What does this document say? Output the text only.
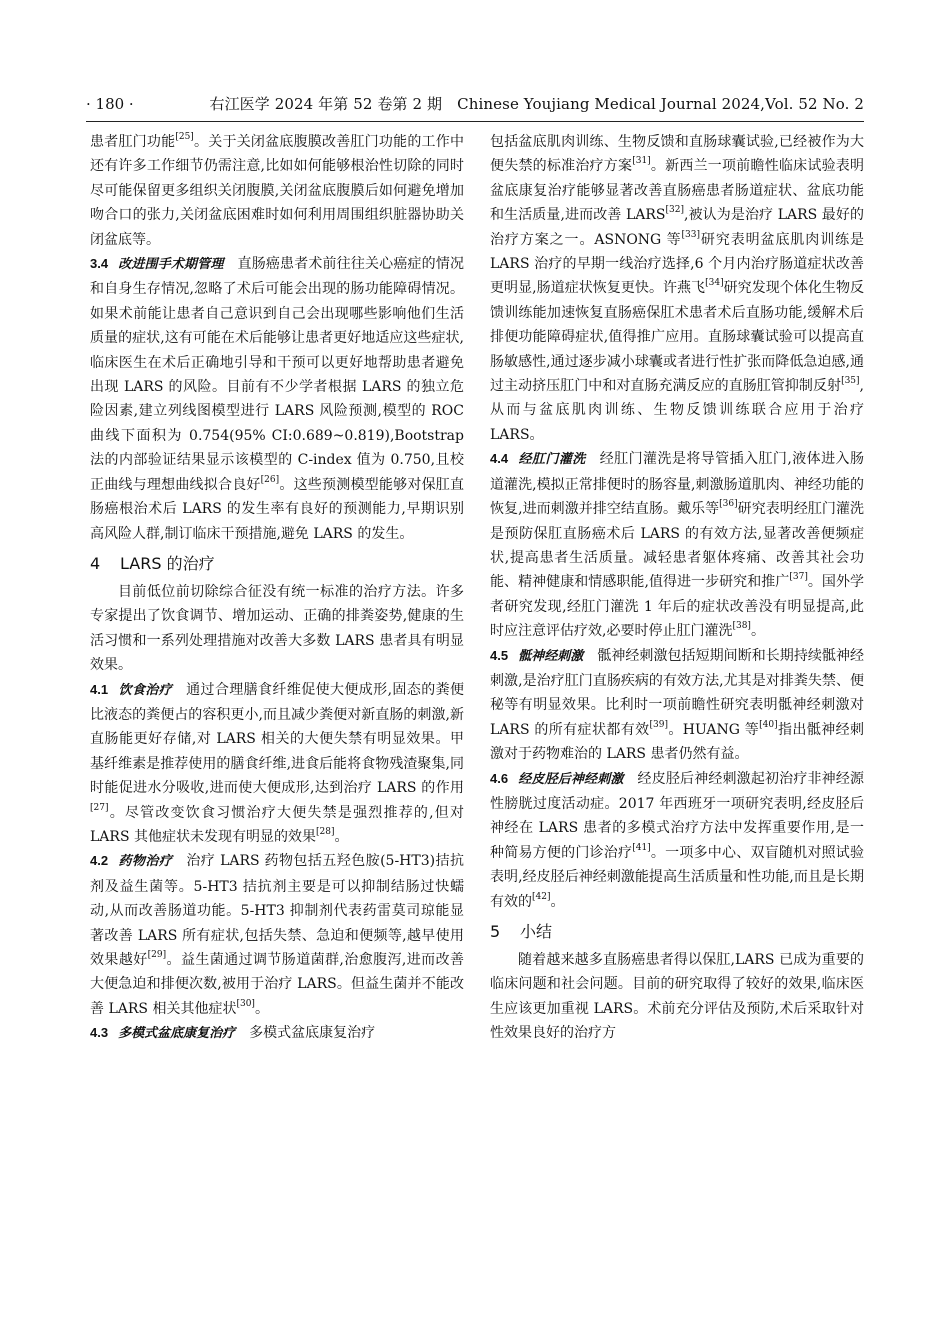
· 180 ·	右江医学 2024 年第 52 卷第 2 期　Chinese Youjiang Medical Journal 2024,Vol. 52 No. 2

患者肛门功能[25]。关于关闭盆底腹膜改善肛门功能的工作中还有许多工作细节仍需注意,比如如何能够根治性切除的同时尽可能保留更多组织关闭腹膜,关闭盆底腹膜后如何避免增加吻合口的张力,关闭盆底困难时如何利用周围组织脏器协助关闭盆底等。

3.4 改进围手术期管理 直肠癌患者术前往往关心癌症的情况和自身生存情况,忽略了术后可能会出现的肠功能障碍情况。如果术前能让患者自己意识到自己会出现哪些影响他们生活质量的症状,这有可能在术后能够让患者更好地适应这些症状,临床医生在术后正确地引导和干预可以更好地帮助患者避免出现 LARS 的风险。目前有不少学者根据 LARS 的独立危险因素,建立列线图模型进行 LARS 风险预测,模型的 ROC 曲线下面积为 0.754(95% CI:0.689~0.819),Bootstrap 法的内部验证结果显示该模型的 C-index 值为 0.750,且校正曲线与理想曲线拟合良好[26]。这些预测模型能够对保肛直肠癌根治术后 LARS 的发生率有良好的预测能力,早期识别高风险人群,制订临床干预措施,避免 LARS 的发生。

4 LARS 的治疗

目前低位前切除综合征没有统一标准的治疗方法。许多专家提出了饮食调节、增加运动、正确的排粪姿势,健康的生活习惯和一系列处理措施对改善大多数 LARS 患者具有明显效果。

4.1 饮食治疗 通过合理膳食纤维促使大便成形,固态的粪便比液态的粪便占的容积更小,而且减少粪便对新直肠的刺激,新直肠能更好存储,对 LARS 相关的大便失禁有明显效果。甲基纤维素是推荐使用的膳食纤维,进食后能将食物残渣聚集,同时能促进水分吸收,进而使大便成形,达到治疗 LARS 的作用[27]。尽管改变饮食习惯治疗大便失禁是强烈推荐的,但对 LARS 其他症状未发现有明显的效果[28]。

4.2 药物治疗 治疗 LARS 药物包括五羟色胺(5-HT3)拮抗剂及益生菌等。5-HT3 拮抗剂主要是可以抑制结肠过快蠕动,从而改善肠道功能。5-HT3 抑制剂代表药雷莫司琼能显著改善 LARS 所有症状,包括失禁、急迫和便频等,越早使用效果越好[29]。益生菌通过调节肠道菌群,治愈腹泻,进而改善大便急迫和排便次数,被用于治疗 LARS。但益生菌并不能改善 LARS 相关其他症状[30]。

4.3 多模式盆底康复治疗 多模式盆底康复治疗

包括盆底肌肉训练、生物反馈和直肠球囊试验,已经被作为大便失禁的标准治疗方案[31]。新西兰一项前瞻性临床试验表明盆底康复治疗能够显著改善直肠癌患者肠道症状、盆底功能和生活质量,进而改善 LARS[32],被认为是治疗 LARS 最好的治疗方案之一。ASNONG 等[33]研究表明盆底肌肉训练是 LARS 治疗的早期一线治疗选择,6 个月内治疗肠道症状改善更明显,肠道症状恢复更快。许燕飞[34]研究发现个体化生物反馈训练能加速恢复直肠癌保肛术患者术后直肠功能,缓解术后排便功能障碍症状,值得推广应用。直肠球囊试验可以提高直肠敏感性,通过逐步减小球囊或者进行性扩张而降低急迫感,通过主动挤压肛门中和对直肠充满反应的直肠肛管抑制反射[35],从而与盆底肌肉训练、生物反馈训练联合应用于治疗 LARS。

4.4 经肛门灌洗 经肛门灌洗是将导管插入肛门,液体进入肠道灌洗,模拟正常排便时的肠容量,刺激肠道肌肉、神经功能的恢复,进而刺激并排空结直肠。戴乐等[36]研究表明经肛门灌洗是预防保肛直肠癌术后 LARS 的有效方法,显著改善便频症状,提高患者生活质量。减轻患者躯体疼痛、改善其社会功能、精神健康和情感职能,值得进一步研究和推广[37]。国外学者研究发现,经肛门灌洗 1 年后的症状改善没有明显提高,此时应注意评估疗效,必要时停止肛门灌洗[38]。

4.5 骶神经刺激 骶神经刺激包括短期间断和长期持续骶神经刺激,是治疗肛门直肠疾病的有效方法,尤其是对排粪失禁、便秘等有明显效果。比利时一项前瞻性研究表明骶神经刺激对 LARS 的所有症状都有效[39]。HUANG 等[40]指出骶神经刺激对于药物难治的 LARS 患者仍然有益。

4.6 经皮胫后神经刺激 经皮胫后神经刺激起初治疗非神经源性膀胱过度活动症。2017 年西班牙一项研究表明,经皮胫后神经在 LARS 患者的多模式治疗方法中发挥重要作用,是一种简易方便的门诊治疗[41]。一项多中心、双盲随机对照试验表明,经皮胫后神经刺激能提高生活质量和性功能,而且是长期有效的[42]。

5 小结

随着越来越多直肠癌患者得以保肛,LARS 已成为重要的临床问题和社会问题。目前的研究取得了较好的效果,临床医生应该更加重视 LARS。术前充分评估及预防,术后采取针对性效果良好的治疗方
